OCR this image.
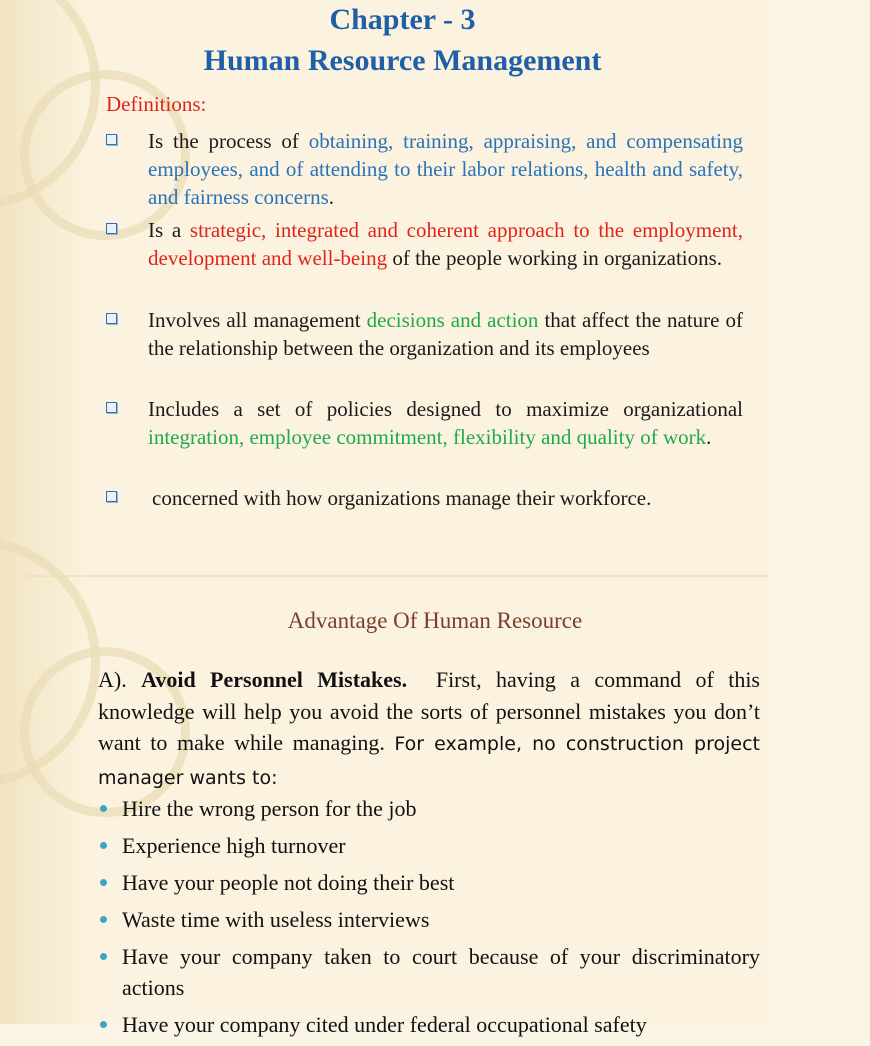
Chapter - 3
Human Resource Management
Definitions:
Is the process of obtaining, training, appraising, and compensating employees, and of attending to their labor relations, health and safety, and fairness concerns.
Is a strategic, integrated and coherent approach to the employment, development and well-being of the people working in organizations.
Involves all management decisions and action that affect the nature of the relationship between the organization and its employees
Includes a set of policies designed to maximize organizational integration, employee commitment, flexibility and quality of work.
concerned with how organizations manage their workforce.
Advantage Of Human Resource
A). Avoid Personnel Mistakes.  First, having a command of this knowledge will help you avoid the sorts of personnel mistakes you don’t want to make while managing. For example, no construction project manager wants to:
Hire the wrong person for the job
Experience high turnover
Have your people not doing their best
Waste time with useless interviews
Have your company taken to court because of your discriminatory actions
Have your company cited under federal occupational safety
